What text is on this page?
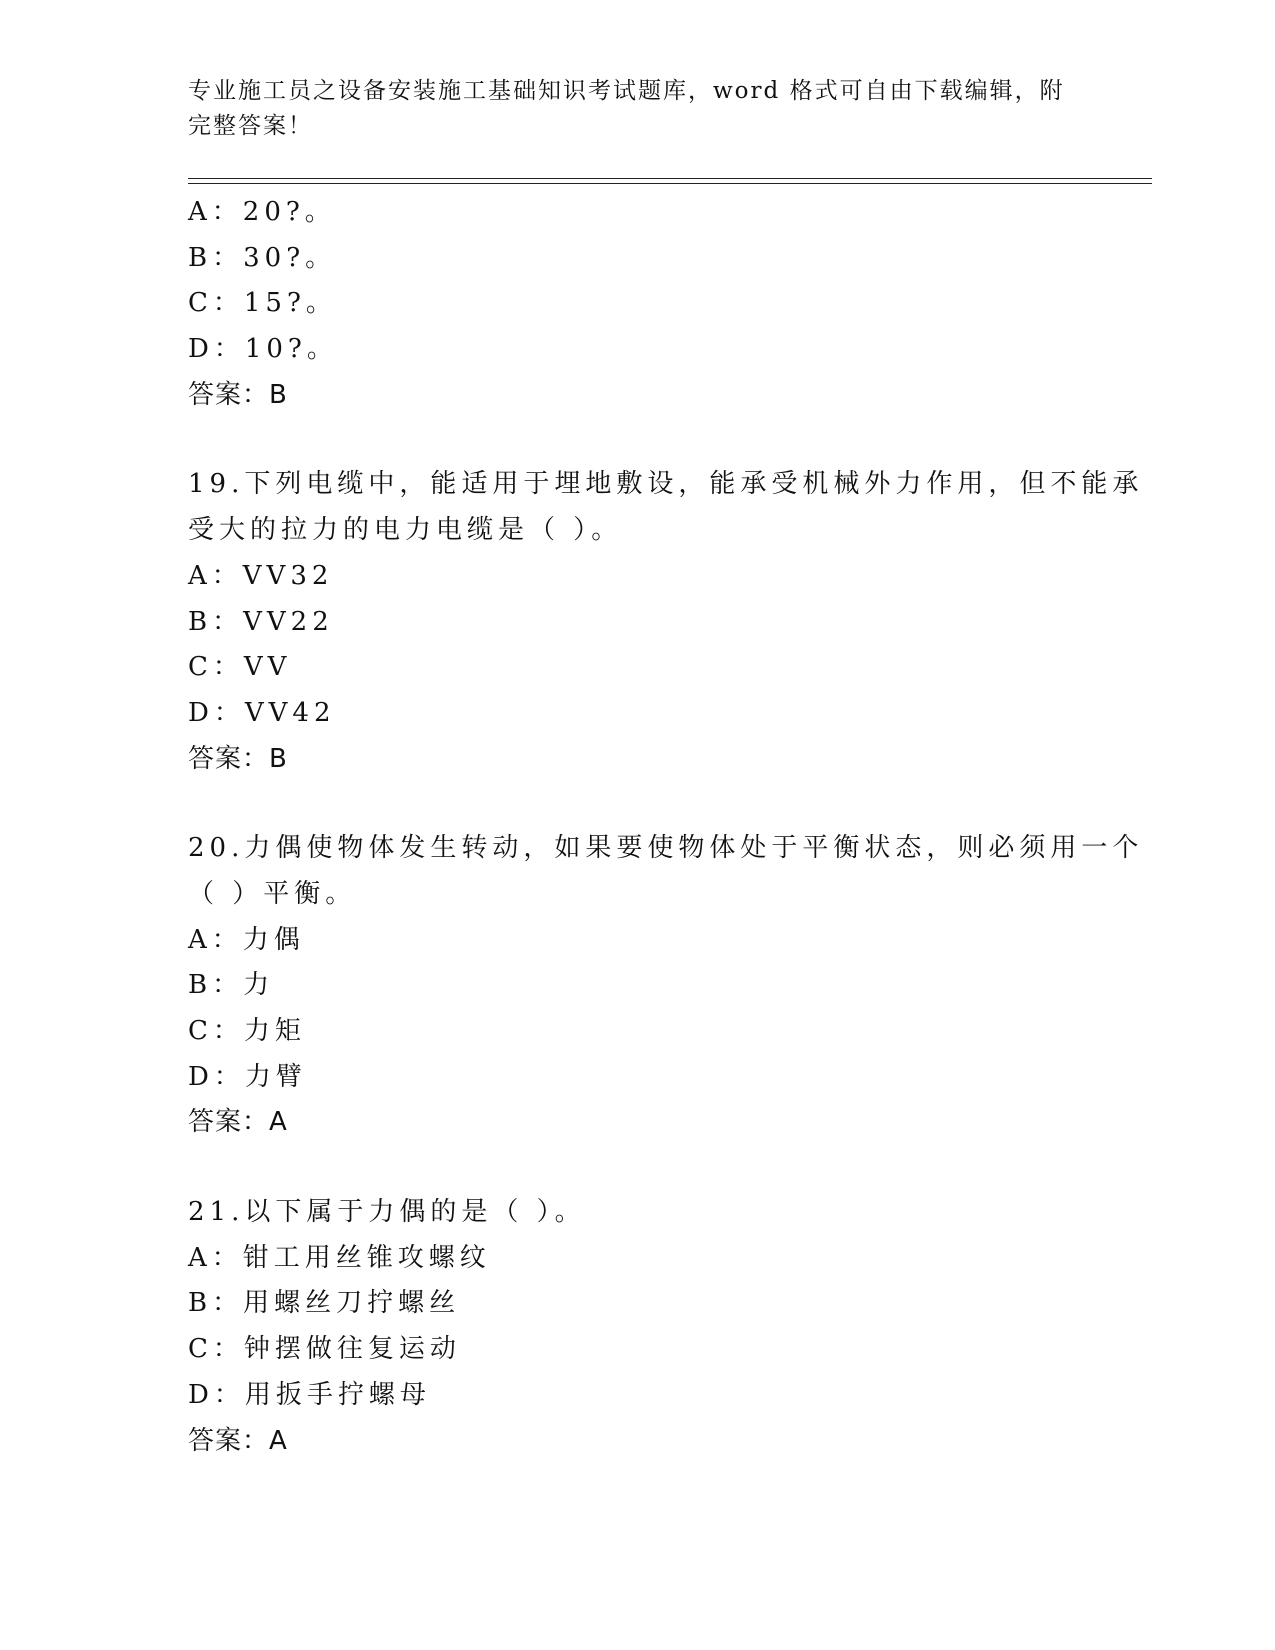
专业施工员之设备安装施工基础知识考试题库，word 格式可自由下载编辑，附完整答案！
A：20?。
B：30?。
C：15?。
D：10?。
答案：B
19.下列电缆中，能适用于埋地敷设，能承受机械外力作用，但不能承
受大的拉力的电力电缆是（ ）。
A：VV32
B：VV22
C：VV
D：VV42
答案：B
20.力偶使物体发生转动，如果要使物体处于平衡状态，则必须用一个
（ ）平衡。
A：力偶
B：力
C：力矩
D：力臂
答案：A
21.以下属于力偶的是（ ）。
A：钳工用丝锥攻螺纹
B：用螺丝刀拧螺丝
C：钟摆做往复运动
D：用扳手拧螺母
答案：A
